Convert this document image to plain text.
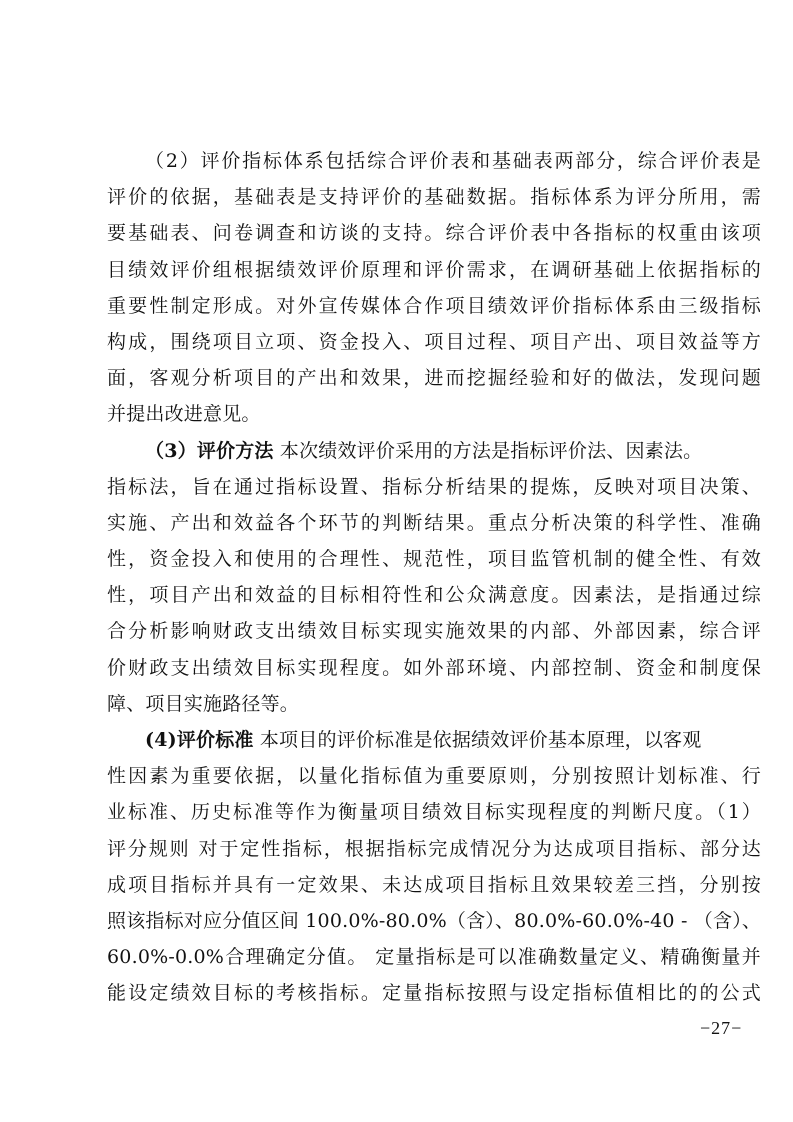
（2）评价指标体系包括综合评价表和基础表两部分，综合评价表是
评价的依据，基础表是支持评价的基础数据。指标体系为评分所用，需
要基础表、问卷调查和访谈的支持。综合评价表中各指标的权重由该项
目绩效评价组根据绩效评价原理和评价需求，在调研基础上依据指标的
重要性制定形成。对外宣传媒体合作项目绩效评价指标体系由三级指标
构成，围绕项目立项、资金投入、项目过程、项目产出、项目效益等方
面，客观分析项目的产出和效果，进而挖掘经验和好的做法，发现问题
并提出改进意见。
（3）评价方法 本次绩效评价采用的方法是指标评价法、因素法。
指标法，旨在通过指标设置、指标分析结果的提炼，反映对项目决策、
实施、产出和效益各个环节的判断结果。重点分析决策的科学性、准确
性，资金投入和使用的合理性、规范性，项目监管机制的健全性、有效
性，项目产出和效益的目标相符性和公众满意度。因素法，是指通过综
合分析影响财政支出绩效目标实现实施效果的内部、外部因素，综合评
价财政支出绩效目标实现程度。如外部环境、内部控制、资金和制度保
障、项目实施路径等。
(4)评价标准 本项目的评价标准是依据绩效评价基本原理，以客观
性因素为重要依据，以量化指标值为重要原则，分别按照计划标准、行
业标准、历史标准等作为衡量项目绩效目标实现程度的判断尺度。（1）
评分规则 对于定性指标，根据指标完成情况分为达成项目指标、部分达
成项目指标并具有一定效果、未达成项目指标且效果较差三挡，分别按
照该指标对应分值区间 100.0%-80.0%（含）、80.0%-60.0%-40 - （含）、
60.0%-0.0%合理确定分值。 定量指标是可以准确数量定义、精确衡量并
能设定绩效目标的考核指标。定量指标按照与设定指标值相比的的公式
−27−
